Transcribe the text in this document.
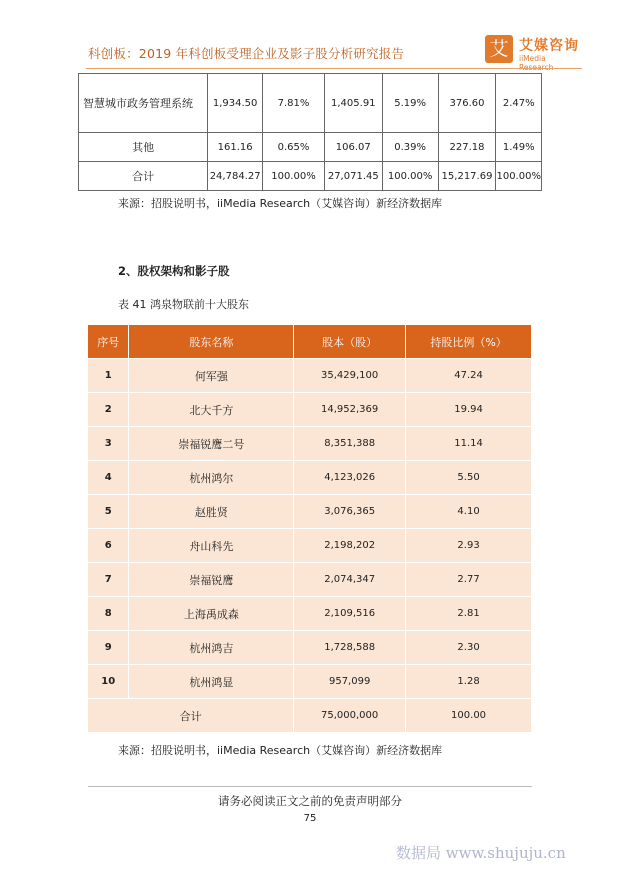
科创板：2019 年科创板受理企业及影子股分析研究报告	艾 艾媒咨询
iiMedia
智慧城市政务管理系统	1,934.50	7.81%	1,405.91	5.19%	376.60	2.47%
其他	161.16	0.65%	106.07	0.39%	227.18	1.49%
合计	24,784.27	100.00%	27,071.45	100.00%	15,217.69	100.00%
来源：招股说明书，iiMedia Research（艾媒咨询）新经济数据库
2、股权架构和影子股
表 41 鸿泉物联前十大股东
序号	股东名称	股本（股）	持股比例（%）
1	何军强	35,429,100	47.24
2	北大千方	14,952,369	19.94
3	崇福锐鹰二号	8,351,388	11.14
4	杭州鸿尔	4,123,026	5.50
5	赵胜贤	3,076,365	4.10
6	舟山科先	2,198,202	2.93
7	崇福锐鹰	2,074,347	2.77
8	上海禹成森	2,109,516	2.81
9	杭州鸿吉	1,728,588	2.30
10	杭州鸿显	957,099	1.28
合计		75,000,000	100.00
来源：招股说明书，iiMedia Research（艾媒咨询）新经济数据库
请务必阅读正文之前的免责声明部分
75
数据局 www.shujuju.cn
